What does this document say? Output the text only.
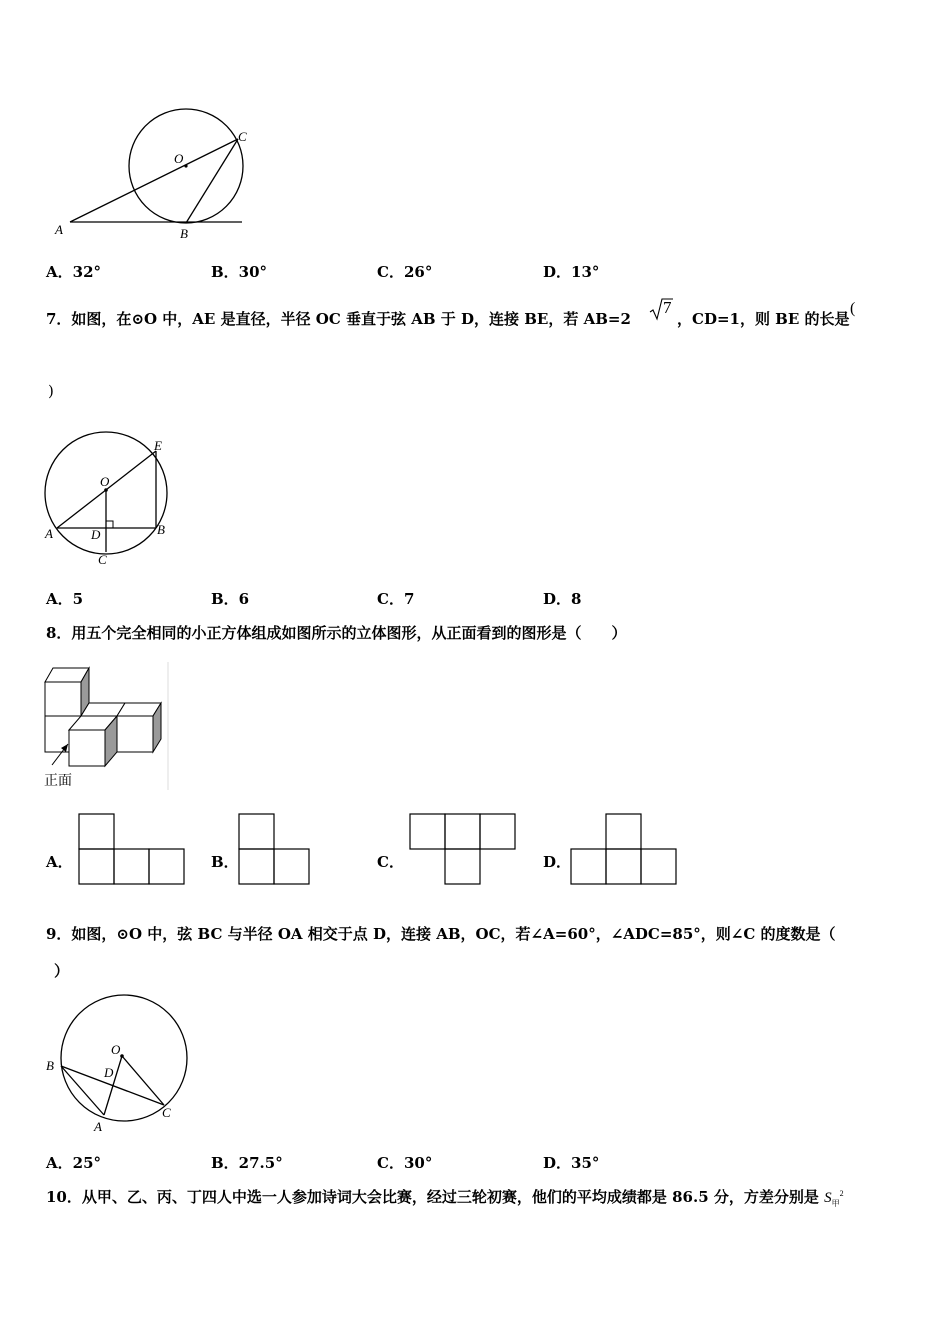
O
C
A	B
A．32°	B．30°	C．26°	D．13°
7．如图，在⊙O 中，AE 是直径，半径 OC 垂直于弦 AB 于 D，连接 BE，若 AB=2
7
，CD=1，则 BE 的长是
(
)
E
O
A	D	B
C
A．5	B．6	C．7	D．8
8．用五个完全相同的小正方体组成如图所示的立体图形，从正面看到的图形是（　　）
正面
A．	B．	C．	D．
9．如图，⊙O 中，弦 BC 与半径 OA 相交于点 D，连接 AB，OC，若∠A=60°，∠ADC=85°，则∠C 的度数是（
）
O
B	D
A
C
A．25°	B．27.5°	C．30°	D．35°
10．从甲、乙、丙、丁四人中选一人参加诗词大会比赛，经过三轮初赛，他们的平均成绩都是 86.5 分，方差分别是 $S_甲^2$
